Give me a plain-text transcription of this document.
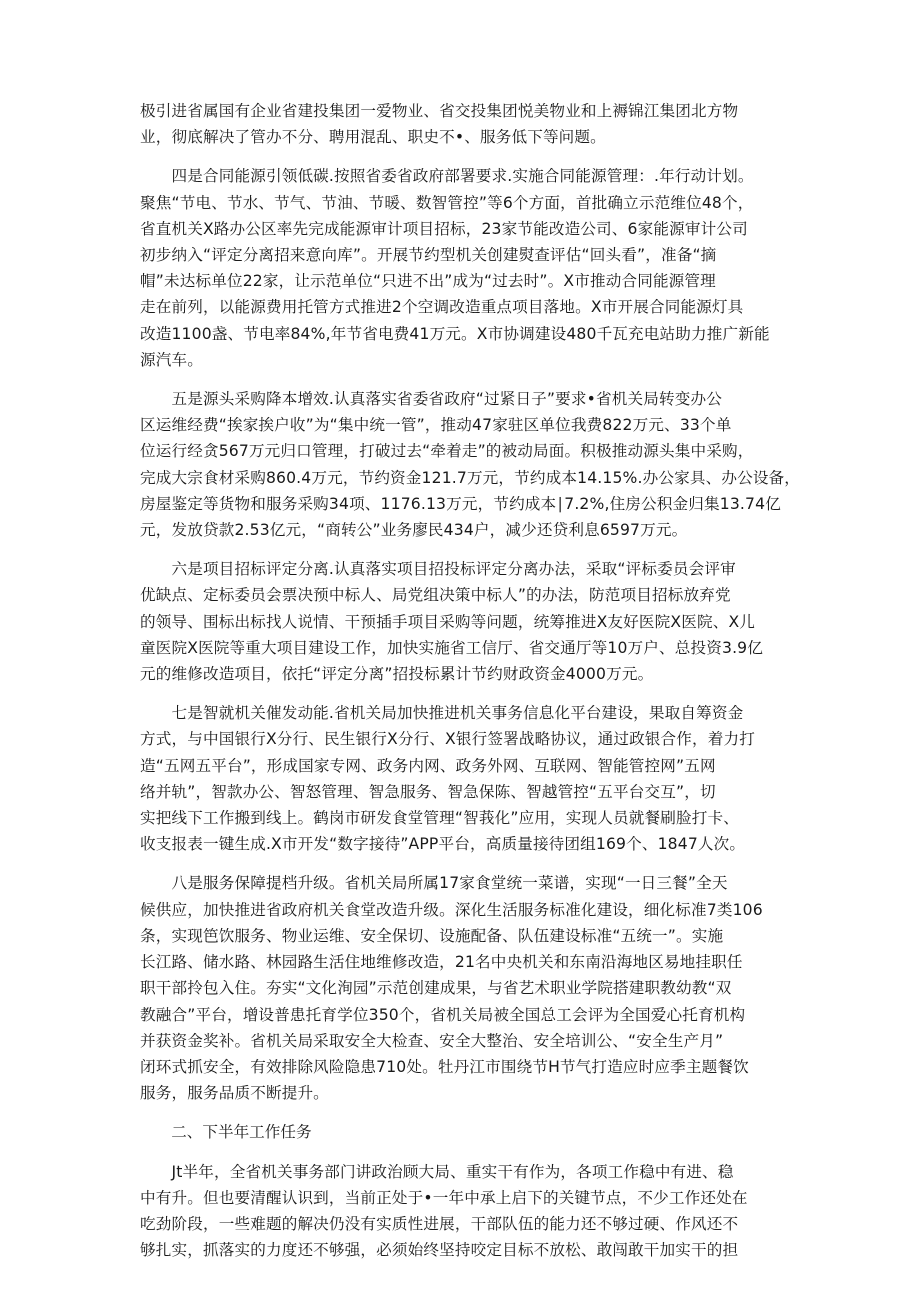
极引进省属国有企业省建投集团一爱物业、省交投集团悦美物业和上褥锦江集团北方物
业，彻底解决了管办不分、聘用混乱、职史不•、服务低下等问题。
　　四是合同能源引领低碳.按照省委省政府部署要求.实施合同能源管理：.年行动计划。
聚焦“节电、节水、节气、节油、节暖、数智管控”等6个方面，首批确立示范维位48个，
省直机关X路办公区率先完成能源审计项目招标，23家节能改造公司、6家能源审计公司
初步纳入“评定分离招来意向库”。开展节约型机关创建熨查评估“回头看”，准备“摘
帽”未达标单位22家，让示范单位“只进不出”成为“过去时”。X市推动合同能源管理
走在前列，以能源费用托管方式推进2个空调改造重点项目落地。X市开展合同能源灯具
改造1100盏、节电率84%,年节省电费41万元。X市协调建设480千瓦充电站助力推广新能
源汽车。
　　五是源头采购降本增效.认真落实省委省政府“过紧日子”要求•省机关局转变办公
区运维经费“挨家挨户收”为“集中统一管”，推动47家驻区单位我费822万元、33个单
位运行经贪567万元归口管理，打破过去“牵着走”的被动局面。积极推动源头集中采购，
完成大宗食材采购860.4万元，节约资金121.7万元，节约成本14.15%.办公家具、办公设备，
房屋鉴定等货物和服务采购34项、1176.13万元，节约成本∣7.2%,住房公积金归集13.74亿
元，发放贷款2.53亿元，“商转公”业务廖民434户，减少还贷利息6597万元。
　　六是项目招标评定分离.认真落实项目招投标评定分离办法，采取“评标委员会评审
优缺点、定标委员会票决预中标人、局党组决策中标人”的办法，防范项目招标放弃党
的领导、围标出标找人说情、干预插手项目采购等问题，统筹推进X友好医院X医院、X儿
童医院X医院等重大项目建设工作，加快实施省工信厅、省交通厅等10万户、总投资3.9亿
元的维修改造项目，依托“评定分离”招投标累计节约财政资金4000万元。
　　七是智就机关催发动能.省机关局加快推进机关事务信息化平台建设，果取自筹资金
方式，与中国银行X分行、民生银行X分行、X银行签署战略协议，通过政银合作，着力打
造“五网五平台”，形成国家专网、政务内网、政务外网、互联网、智能管控网”五网
络并轨”，智款办公、智怒管理、智急服务、智急保陈、智越管控“五平台交互”，切
实把线下工作搬到线上。鹤岗市研发食堂管理“智莪化”应用，实现人员就餐刷脸打卡、
收支报表一键生成.X市开发“数字接待”APP平台，高质量接待团组169个、1847人次。
　　八是服务保障提档升级。省机关局所属17家食堂统一菜谱，实现“一日三餐”全天
候供应，加快推进省政府机关食堂改造升级。深化生活服务标准化建设，细化标准7类106
条，实现笆饮服务、物业运维、安全保切、设施配备、队伍建设标准“五统一”。实施
长江路、储水路、林园路生活住地维修改造，21名中央机关和东南沿海地区易地挂职任
职干部拎包入住。夯实“文化洵园”示范创建成果，与省艺术职业学院搭建职教幼教“双
教融合”平台，增设普患托育学位350个，省机关局被全国总工会评为全国爱心托育机构
并获资金奖补。省机关局采取安全大检查、安全大整治、安全培训公、“安全生产月”
闭环式抓安全，有效排除风险隐患710处。牡丹江市围绕节H节气打造应时应季主题餐饮
服务，服务品质不断提升。
　　二、下半年工作任务
　　Jt半年，全省机关事务部门讲政治顾大局、重实干有作为，各项工作稳中有进、稳
中有升。但也要清醒认识到，当前正处于•一年中承上启下的关键节点，不少工作还处在
吃劲阶段，一些难题的解决仍没有实质性进展，干部队伍的能力还不够过硬、作风还不
够扎实，抓落实的力度还不够强，必须始终坚持咬定目标不放松、敢闯敢干加实干的担
